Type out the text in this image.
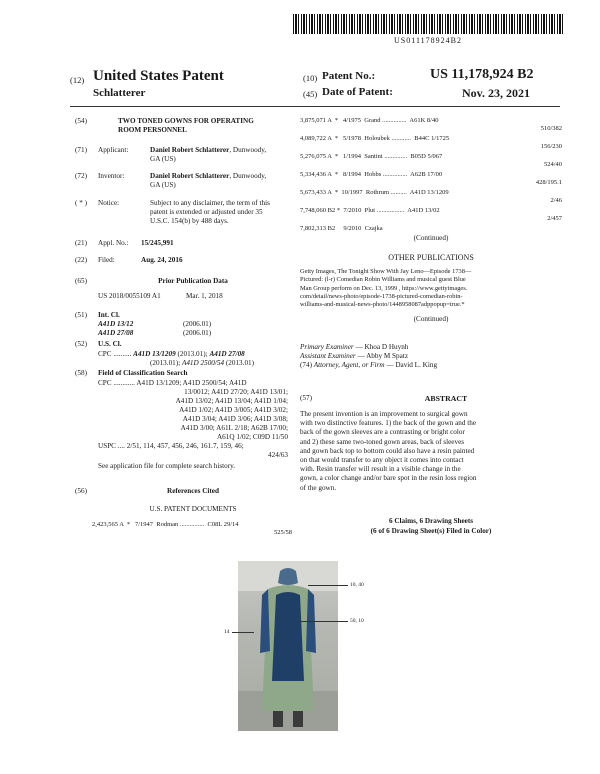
US011178924B2
(12) United States Patent
Schlatterer
(10) Patent No.:	US 11,178,924 B2
(45) Date of Patent:	Nov. 23, 2021
(54)	TWO TONED GOWNS FOR OPERATING
ROOM PERSONNEL
(71)	Applicant:	Daniel Robert Schlatterer, Dunwoody,
GA (US)
(72)	Inventor:	Daniel Robert Schlatterer, Dunwoody,
GA (US)
( * )	Notice:	Subject to any disclaimer, the term of this
patent is extended or adjusted under 35
U.S.C. 154(b) by 488 days.
(21)	Appl. No.: 15/245,991
(22)	Filed:	Aug. 24, 2016
(65)	Prior Publication Data
US 2018/0055109 A1	Mar. 1, 2018
(51)	Int. Cl.
A41D 13/12	(2006.01)
A41D 27/08	(2006.01)
(52)	U.S. Cl.
CPC .......... A41D 13/1209 (2013.01); A41D 27/08
(2013.01); A41D 2500/54 (2013.01)
(58)	Field of Classification Search
CPC ............ A41D 13/1209; A41D 2500/54; A41D
13/0012; A41D 27/20; A41D 13/01;
A41D 13/02; A41D 13/04; A41D 1/04;
A41D 1/02; A41D 3/005; A41D 3/02;
A41D 3/04; A41D 3/06; A41D 3/08;
A41D 3/00; A61L 2/18; A62B 17/00;
A61Q 1/02; C09D 11/50
USPC .... 2/51, 114, 457, 456, 246, 161.7, 159, 46;
424/63
See application file for complete search history.
(56)	References Cited
U.S. PATENT DOCUMENTS
2,423,565 A  *   7/1947  Rodman ...............  C08L 29/14
525/58
3,875,071 A  *   4/1975  Grand ...............  A61K 8/40
510/382
4,089,722 A  *   5/1978  Holoubek ............  B44C 1/1725
156/230
5,276,075 A  *   1/1994  Santini ..............  B05D 5/067
524/40
5,334,436 A  *   8/1994  Hobbs ...............  A62B 17/00
428/195.1
5,673,433 A  *  10/1997  Rothrum ..........  A41D 13/1209
2/46
7,748,060 B2 *  7/2010  Plut .................  A41D 13/02
2/457
7,802,313 B2     9/2010  Czajka
(Continued)
OTHER PUBLICATIONS
Getty Images, The Tonight Show With Jay Leno—Episode 1738—
Pictured: (l-r) Comedian Robin Williams and musical guest Blue
Man Group perform on Dec. 13, 1999 , https://www.gettyimages.
com/detail/news-photo/episode-1738-pictured-comedian-robin-
williams-and-musical-news-photo/1448958087adppopup=true.*
(Continued)
Primary Examiner — Khoa D Huynh
Assistant Examiner — Abby M Spatz
(74) Attorney, Agent, or Firm — David L. King
(57)	ABSTRACT
The present invention is an improvement to surgical gown
with two distinctive features. 1) the back of the gown and the
back of the gown sleeves are a contrasting or bright color
and 2) these same two-toned gown areas, back of sleeves
and gown back top to bottom could also have a resin painted
on that would transfer to any object it comes into contact
with. Resin transfer will result in a visible change in the
gown, a color change and/or bare spot in the resin loss region
of the gown.
6 Claims, 6 Drawing Sheets
(6 of 6 Drawing Sheet(s) Filed in Color)
10, 40
50, 10
14
